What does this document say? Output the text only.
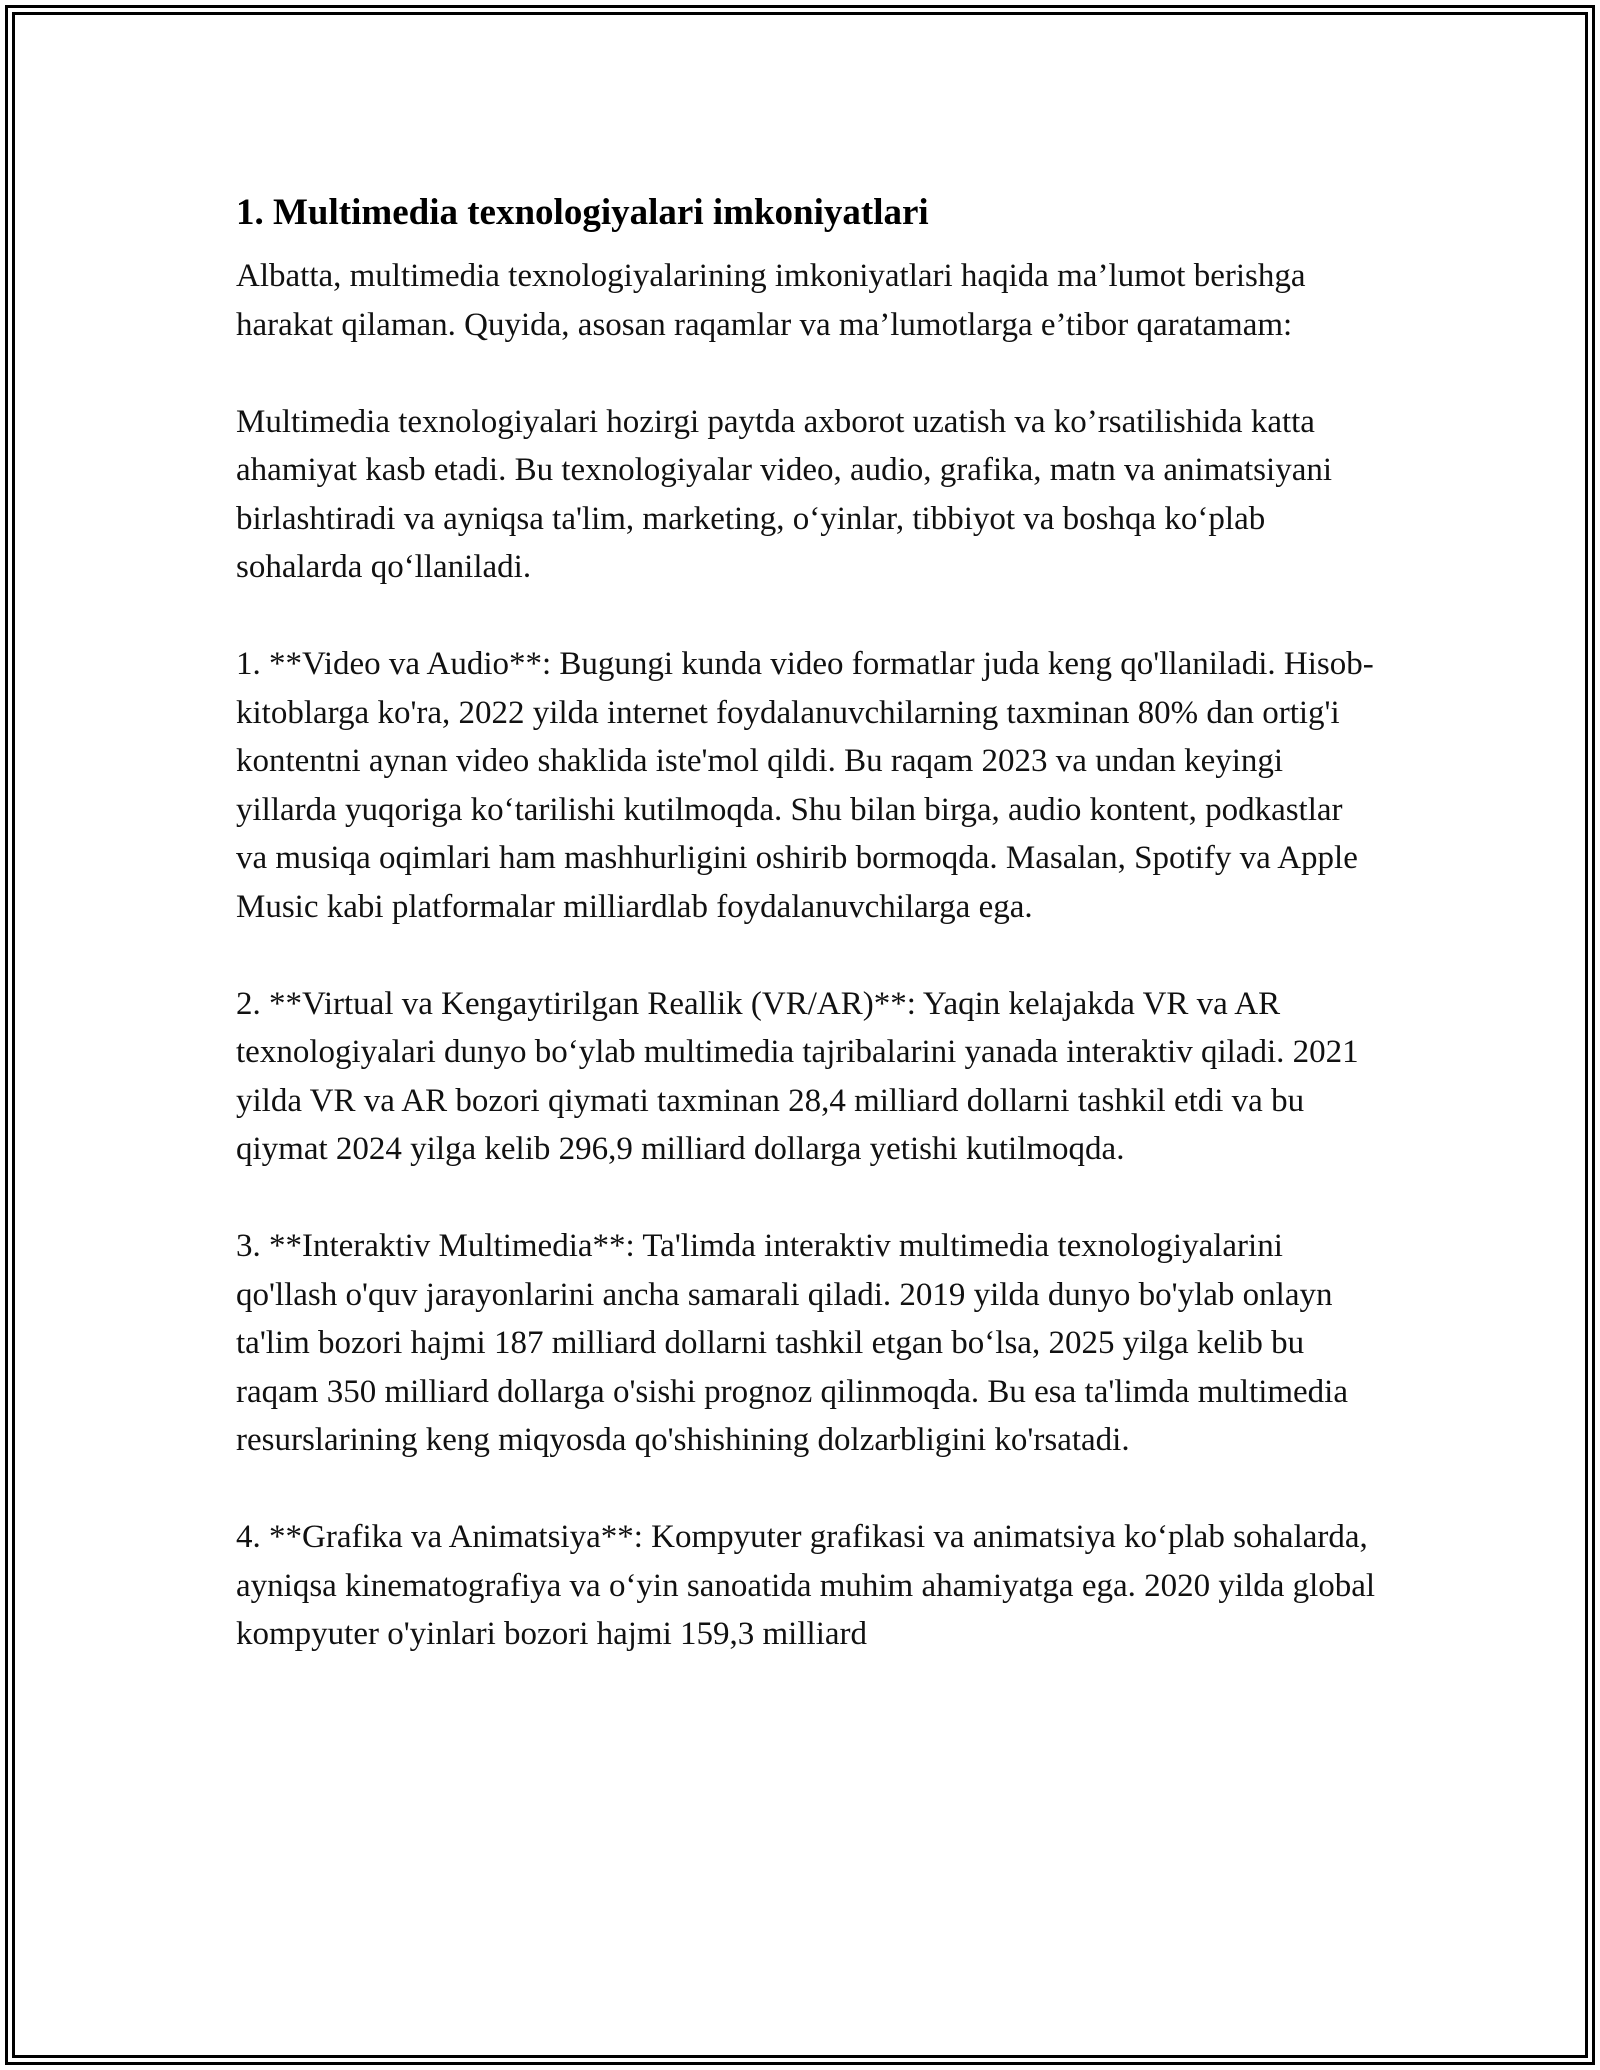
1. Multimedia texnologiyalari imkoniyatlari

Albatta, multimedia texnologiyalarining imkoniyatlari haqida ma’lumot berishga harakat qilaman. Quyida, asosan raqamlar va ma’lumotlarga e’tibor qaratamam:

Multimedia texnologiyalari hozirgi paytda axborot uzatish va ko’rsatilishida katta ahamiyat kasb etadi. Bu texnologiyalar video, audio, grafika, matn va animatsiyani birlashtiradi va ayniqsa ta'lim, marketing, o‘yinlar, tibbiyot va boshqa ko‘plab sohalarda qo‘llaniladi.

1. **Video va Audio**: Bugungi kunda video formatlar juda keng qo'llaniladi. Hisob-kitoblarga ko'ra, 2022 yilda internet foydalanuvchilarning taxminan 80% dan ortig'i kontentni aynan video shaklida iste'mol qildi. Bu raqam 2023 va undan keyingi yillarda yuqoriga ko‘tarilishi kutilmoqda. Shu bilan birga, audio kontent, podkastlar va musiqa oqimlari ham mashhurligini oshirib bormoqda. Masalan, Spotify va Apple Music kabi platformalar milliardlab foydalanuvchilarga ega.

2. **Virtual va Kengaytirilgan Reallik (VR/AR)**: Yaqin kelajakda VR va AR texnologiyalari dunyo bo‘ylab multimedia tajribalarini yanada interaktiv qiladi. 2021 yilda VR va AR bozori qiymati taxminan 28,4 milliard dollarni tashkil etdi va bu qiymat 2024 yilga kelib 296,9 milliard dollarga yetishi kutilmoqda.

3. **Interaktiv Multimedia**: Ta'limda interaktiv multimedia texnologiyalarini qo'llash o'quv jarayonlarini ancha samarali qiladi. 2019 yilda dunyo bo'ylab onlayn ta'lim bozori hajmi 187 milliard dollarni tashkil etgan bo‘lsa, 2025 yilga kelib bu raqam 350 milliard dollarga o'sishi prognoz qilinmoqda. Bu esa ta'limda multimedia resurslarining keng miqyosda qo'shishining dolzarbligini ko'rsatadi.

4. **Grafika va Animatsiya**: Kompyuter grafikasi va animatsiya ko‘plab sohalarda, ayniqsa kinematografiya va o‘yin sanoatida muhim ahamiyatga ega. 2020 yilda global kompyuter o'yinlari bozori hajmi 159,3 milliard
